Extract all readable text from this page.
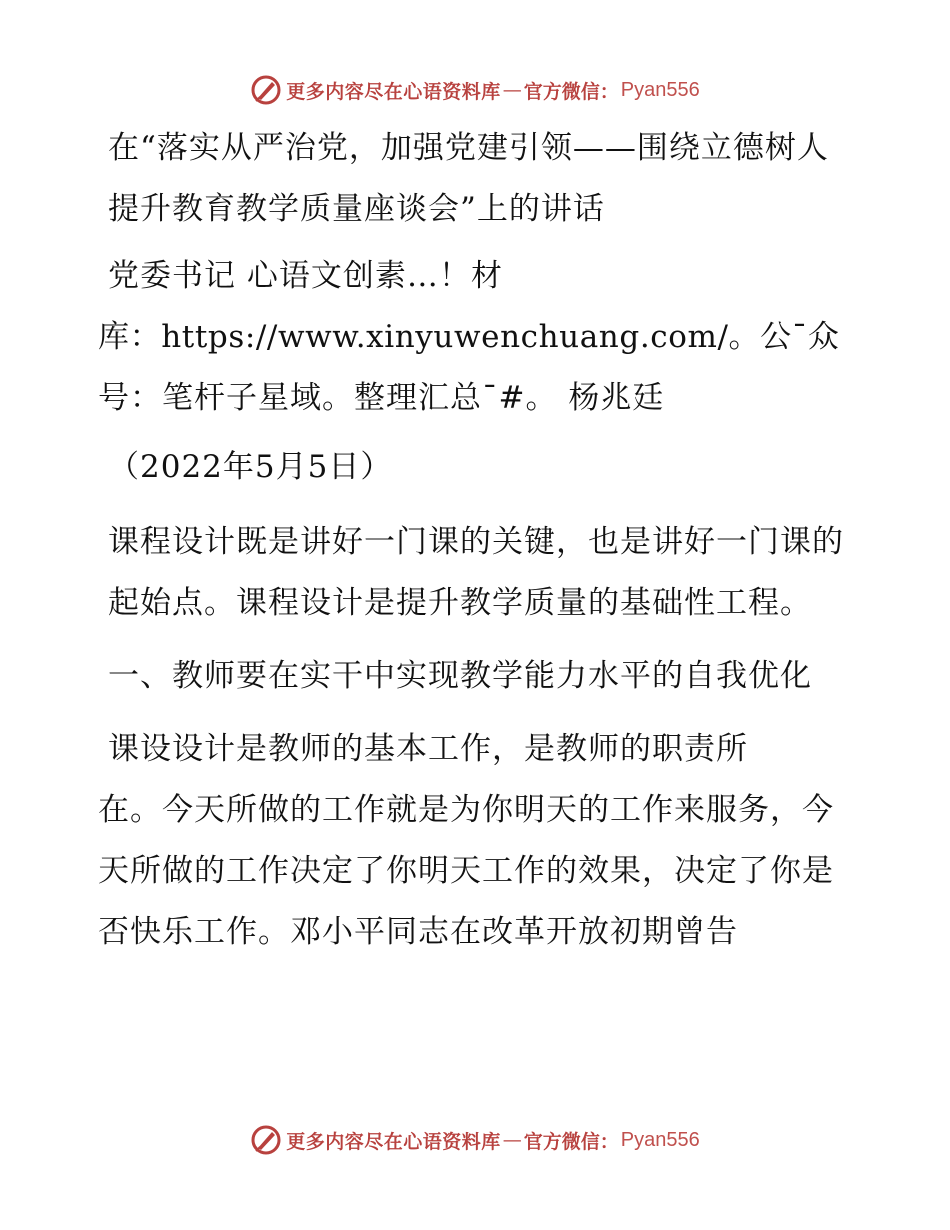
更多内容尽在心语资料库 — 官方微信： Pyan556

在“落实从严治党，加强党建引领——围绕立德树人提升教育教学质量座谈会”上的讲话

党委书记 心语文创素…！材

库：https://www.xinyuwenchuang.com/。公¯众

号：笔杆子星域。整理汇总¯#。 杨兆廷

（2022年5月5日）

课程设计既是讲好一门课的关键，也是讲好一门课的起始点。课程设计是提升教学质量的基础性工程。

一、教师要在实干中实现教学能力水平的自我优化

课设设计是教师的基本工作，是教师的职责所

在。今天所做的工作就是为你明天的工作来服务，今天所做的工作决定了你明天工作的效果，决定了你是否快乐工作。邓小平同志在改革开放初期曾告

更多内容尽在心语资料库 — 官方微信： Pyan556
